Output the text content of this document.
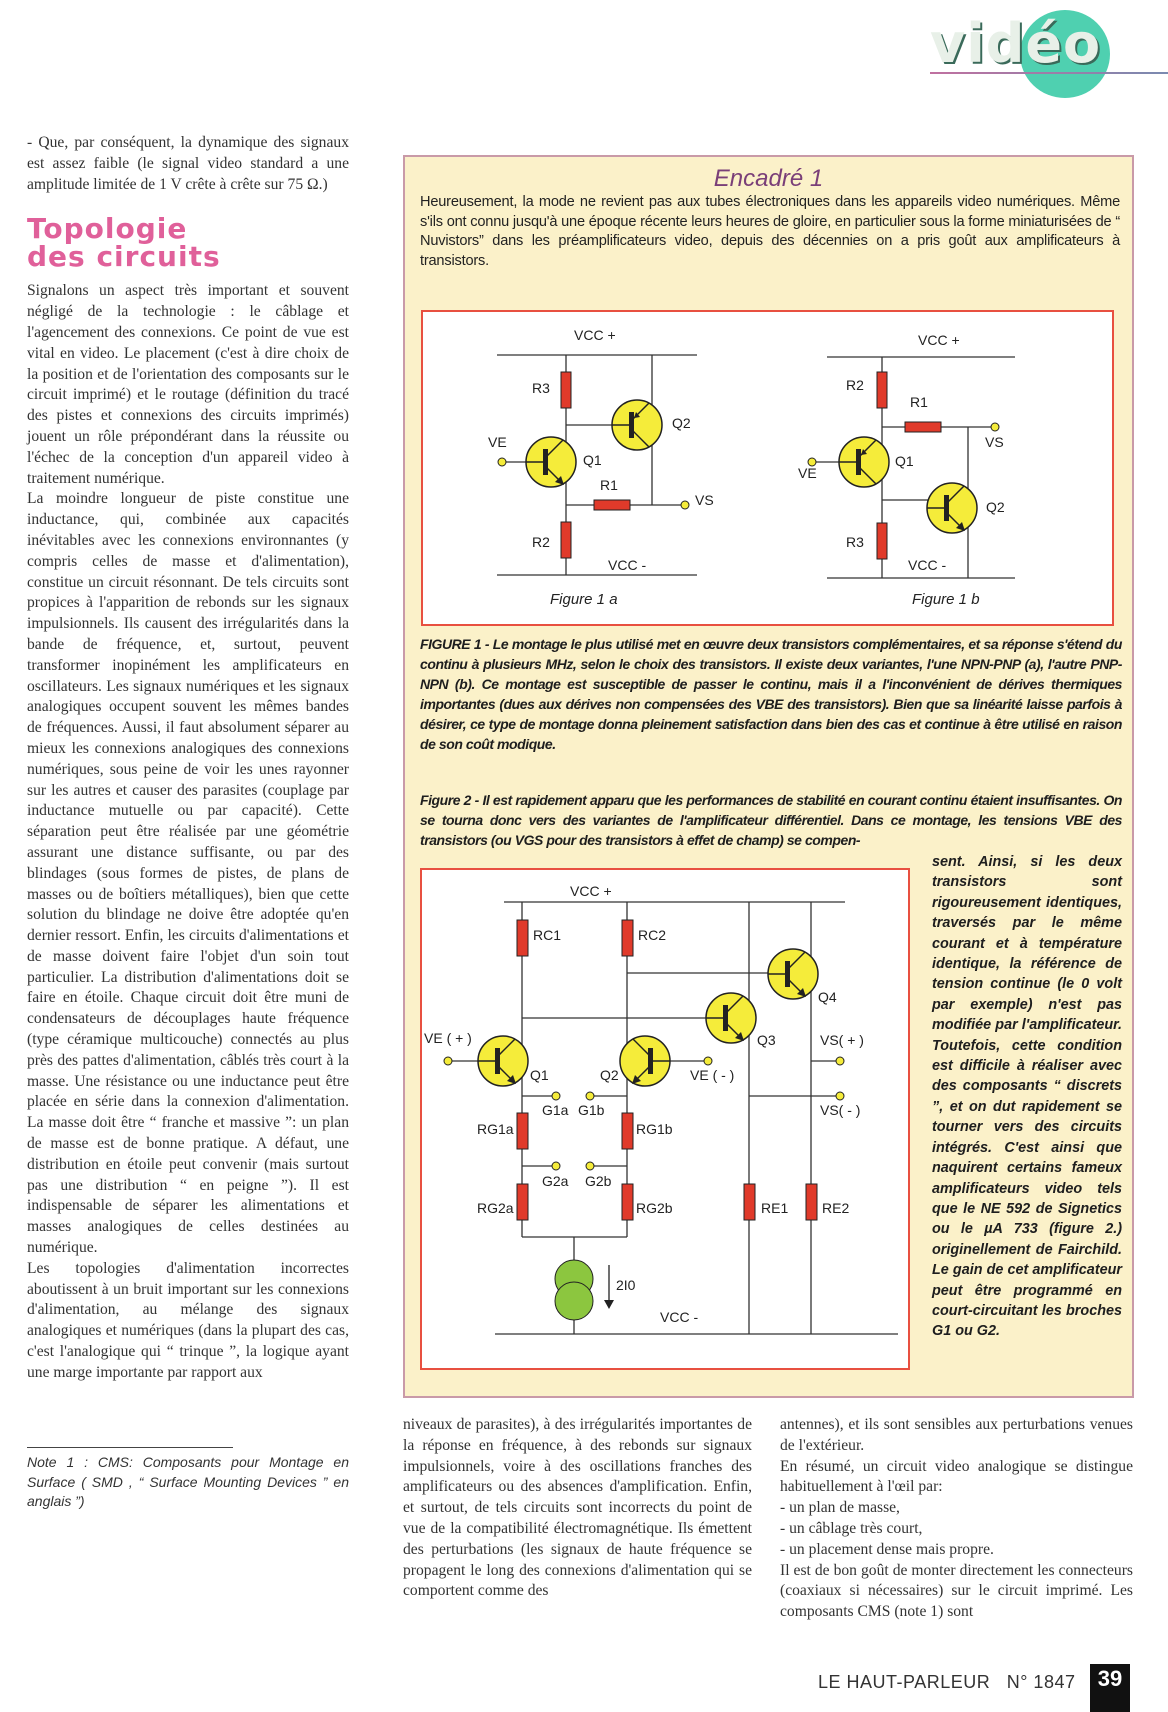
vidéo

- Que, par conséquent, la dynamique des signaux est assez faible (le signal video standard a une amplitude limitée de 1 V crête à crête sur 75 Ω.)

Topologie
des circuits

Signalons un aspect très important et souvent négligé de la technologie : le câblage et l'agencement des connexions. Ce point de vue est vital en video. Le placement (c'est à dire choix de la position et de l'orientation des composants sur le circuit imprimé) et le routage (définition du tracé des pistes et connexions des circuits imprimés) jouent un rôle prépondérant dans la réussite ou l'échec de la conception d'un appareil video à traitement numérique.

La moindre longueur de piste constitue une inductance, qui, combinée aux capacités inévitables avec les connexions environnantes (y compris celles de masse et d'alimentation), constitue un circuit résonnant. De tels circuits sont propices à l'apparition de rebonds sur les signaux impulsionnels. Ils causent des irrégularités dans la bande de fréquence, et, surtout, peuvent transformer inopinément les amplificateurs en oscillateurs. Les signaux numériques et les signaux analogiques occupent souvent les mêmes bandes de fréquences. Aussi, il faut absolument séparer au mieux les connexions analogiques des connexions numériques, sous peine de voir les unes rayonner sur les autres et causer des parasites (couplage par inductance mutuelle ou par capacité). Cette séparation peut être réalisée par une géométrie assurant une distance suffisante, ou par des blindages (sous formes de pistes, de plans de masses ou de boîtiers métalliques), bien que cette solution du blindage ne doive être adoptée qu'en dernier ressort. Enfin, les circuits d'alimentations et de masse doivent faire l'objet d'un soin tout particulier. La distribution d'alimentations doit se faire en étoile. Chaque circuit doit être muni de condensateurs de découplages haute fréquence (type céramique multicouche) connectés au plus près des pattes d'alimentation, câblés très court à la masse. Une résistance ou une inductance peut être placée en série dans la connexion d'alimentation. La masse doit être “ franche et massive ”: un plan de masse est de bonne pratique. A défaut, une distribution en étoile peut convenir (mais surtout pas une distribution “ en peigne ”). Il est indispensable de séparer les alimentations et masses analogiques de celles destinées au numérique.

Les topologies d'alimentation incorrectes aboutissent à un bruit important sur les connexions d'alimentation, au mélange des signaux analogiques et numériques (dans la plupart des cas, c'est l'analogique qui “ trinque ”, la logique ayant une marge importante par rapport aux

Note 1 : CMS: Composants pour Montage en Surface ( SMD , “ Surface Mounting Devices ” en anglais ”)
Encadré 1
Heureusement, la mode ne revient pas aux tubes électroniques dans les appareils video numériques. Même s'ils ont connu jusqu'à une époque récente leurs heures de gloire, en particulier sous la forme miniaturisées de “ Nuvistors” dans les préamplificateurs video, depuis des décennies on a pris goût aux amplificateurs à transistors.
FIGURE 1 - Le montage le plus utilisé met en œuvre deux transistors complémentaires, et sa réponse s'étend du continu à plusieurs MHz, selon le choix des transistors. Il existe deux variantes, l'une NPN-PNP (a), l'autre PNP-NPN (b). Ce montage est susceptible de passer le continu, mais il a l'inconvénient de dérives thermiques importantes (dues aux dérives non compensées des VBE des transistors). Bien que sa linéarité laisse parfois à désirer, ce type de montage donna pleinement satisfaction dans bien des cas et continue à être utilisé en raison de son coût modique.
Figure 2 - Il est rapidement apparu que les performances de stabilité en courant continu étaient insuffisantes. On se tourna donc vers des variantes de l'amplificateur différentiel. Dans ce montage, les tensions VBE des transistors (ou VGS pour des transistors à effet de champ) se compen-
sent. Ainsi, si les deux transistors sont rigoureusement identiques, traversés par le même courant et à température identique, la référence de tension continue (le 0 volt par exemple) n'est pas modifiée par l'amplificateur. Toutefois, cette condition est difficile à réaliser avec des composants “ discrets ”, et on dut rapidement se tourner vers des circuits intégrés. C'est ainsi que naquirent certains fameux amplificateurs video tels que le NE 592 de Signetics ou le µA 733 (figure 2.) originellement de Fairchild. Le gain de cet amplificateur peut être programmé en court-circuitant les broches G1 ou G2.
VCC +
VCC -
R3
R2
R1
Q1
Q2
VE
VS
Figure 1 a
VCC +
VCC -
R2
R1
R3
Q1
Q2
VE
VS
Figure 1 b
VCC +
VCC -
RC1	RC2
RG1a	RG1b
RG2a	RG2b	RE1 RE2
Q1	Q2
Q3
Q4
VE ( + )
VE ( - )
VS( + )
VS( - )
G1a G1b
G2a G2b
2I0
niveaux de parasites), à des irrégularités importantes de la réponse en fréquence, à des rebonds sur signaux impulsionnels, voire à des oscillations franches des amplificateurs ou des absences d'amplification. Enfin, et surtout, de tels circuits sont incorrects du point de vue de la compatibilité électromagnétique. Ils émettent des perturbations (les signaux de haute fréquence se propagent le long des connexions d'alimentation qui se comportent comme des

antennes), et ils sont sensibles aux perturbations venues de l'extérieur.

En résumé, un circuit video analogique se distingue habituellement à l'œil par:

- un plan de masse,

- un câblage très court,

- un placement dense mais propre.

Il est de bon goût de monter directement les connecteurs (coaxiaux si nécessaires) sur le circuit imprimé. Les composants CMS (note 1) sont

LE HAUT-PARLEUR N° 1847	39
